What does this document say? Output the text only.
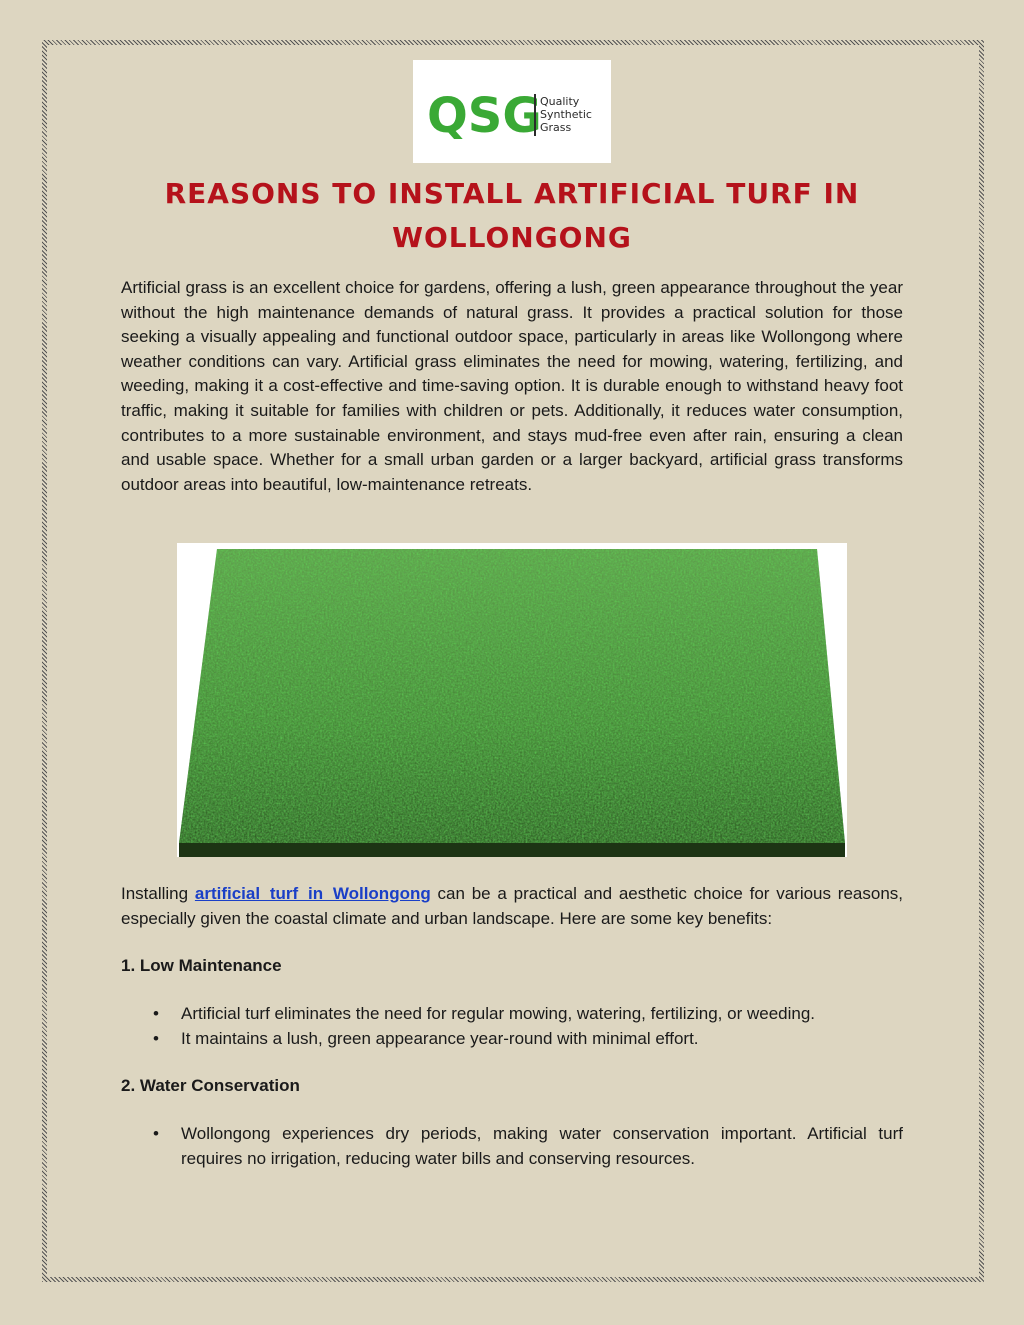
QSG
Quality
Synthetic
Grass
REASONS TO INSTALL ARTIFICIAL TURF IN WOLLONGONG

Artificial grass is an excellent choice for gardens, offering a lush, green appearance throughout the year without the high maintenance demands of natural grass. It provides a practical solution for those seeking a visually appealing and functional outdoor space, particularly in areas like Wollongong where weather conditions can vary. Artificial grass eliminates the need for mowing, watering, fertilizing, and weeding, making it a cost-effective and time-saving option. It is durable enough to withstand heavy foot traffic, making it suitable for families with children or pets. Additionally, it reduces water consumption, contributes to a more sustainable environment, and stays mud-free even after rain, ensuring a clean and usable space. Whether for a small urban garden or a larger backyard, artificial grass transforms outdoor areas into beautiful, low-maintenance retreats.

Installing artificial turf in Wollongong can be a practical and aesthetic choice for various reasons, especially given the coastal climate and urban landscape. Here are some key benefits:

1. Low Maintenance
• Artificial turf eliminates the need for regular mowing, watering, fertilizing, or weeding.
• It maintains a lush, green appearance year-round with minimal effort.
2. Water Conservation
• Wollongong experiences dry periods, making water conservation important. Artificial turf requires no irrigation, reducing water bills and conserving resources.
